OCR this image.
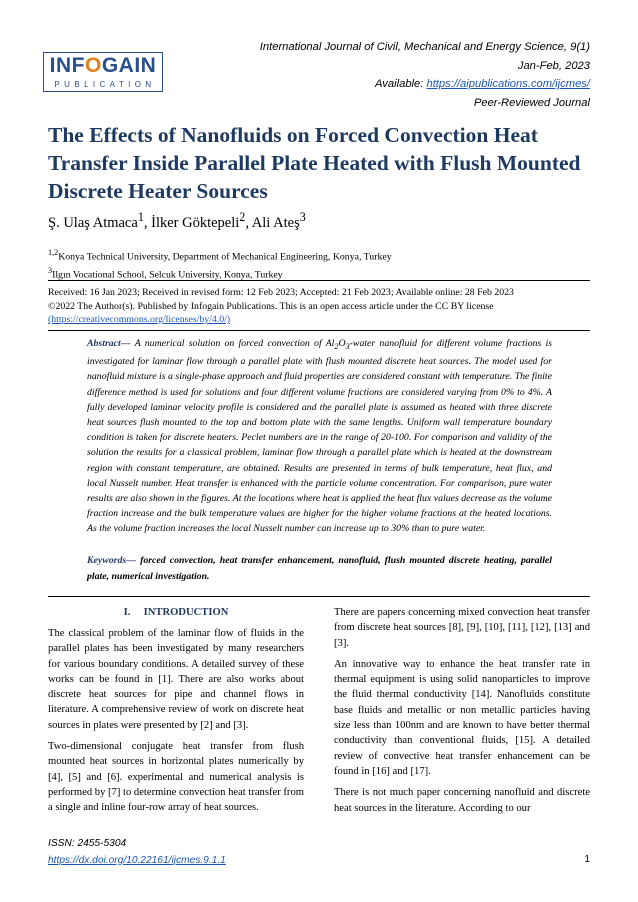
INFOGAIN
PUBLICATION
International Journal of Civil, Mechanical and Energy Science, 9(1)
Jan-Feb, 2023
Available: https://aipublications.com/ijcmes/
Peer-Reviewed Journal
The Effects of Nanofluids on Forced Convection Heat Transfer Inside Parallel Plate Heated with Flush Mounted Discrete Heater Sources
Ş. Ulaş Atmaca$^1$, İlker Göktepeli$^2$, Ali Ateş$^3$
$^{1,2}$Konya Technical University, Department of Mechanical Engineering, Konya, Turkey
$^3$Ilgın Vocational School, Selcuk University, Konya, Turkey
Received: 16 Jan 2023; Received in revised form: 12 Feb 2023; Accepted: 21 Feb 2023; Available online: 28 Feb 2023
©2022 The Author(s). Published by Infogain Publications. This is an open access article under the CC BY license
(https://creativecommons.org/licenses/by/4.0/)
Abstract— A numerical solution on forced convection of $Al_2O_3$-water nanofluid for different volume fractions is investigated for laminar flow through a parallel plate with flush mounted discrete heat sources. The model used for nanofluid mixture is a single-phase approach and fluid properties are considered constant with temperature. The finite difference method is used for solutions and four different volume fractions are considered varying from 0% to 4%. A fully developed laminar velocity profile is considered and the parallel plate is assumed as heated with three discrete heat sources flush mounted to the top and bottom plate with the same lengths. Uniform wall temperature boundary condition is taken for discrete heaters. Peclet numbers are in the range of 20-100. For comparison and validity of the solution the results for a classical problem, laminar flow through a parallel plate which is heated at the downstream region with constant temperature, are obtained. Results are presented in terms of bulk temperature, heat flux, and local Nusselt number. Heat transfer is enhanced with the particle volume concentration. For comparison, pure water results are also shown in the figures. At the locations where heat is applied the heat flux values decrease as the volume fraction increase and the bulk temperature values are higher for the higher volume fractions at the heated locations. As the volume fraction increases the local Nusselt number can increase up to 30% than to pure water.
Keywords— forced convection, heat transfer enhancement, nanofluid, flush mounted discrete heating, parallel plate, numerical investigation.
I.     INTRODUCTION

The classical problem of the laminar flow of fluids in the parallel plates has been investigated by many researchers for various boundary conditions. A detailed survey of these works can be found in [1]. There are also works about discrete heat sources for pipe and channel flows in literature. A comprehensive review of work on discrete heat sources in plates were presented by [2] and [3].

Two-dimensional conjugate heat transfer from flush mounted heat sources in horizontal plates numerically by [4], [5] and [6]. experimental and numerical analysis is performed by [7] to determine convection heat transfer from a single and inline four-row array of heat sources.

There are papers concerning mixed convection heat transfer from discrete heat sources [8], [9], [10], [11], [12], [13] and [3].

An innovative way to enhance the heat transfer rate in thermal equipment is using solid nanoparticles to improve the fluid thermal conductivity [14]. Nanofluids constitute base fluids and metallic or non metallic particles having size less than 100nm and are known to have better thermal conductivity than conventional fluids, [15]. A detailed review of convective heat transfer enhancement can be found in [16] and [17].

There is not much paper concerning nanofluid and discrete heat sources in the literature. According to our

ISSN: 2455-5304
https://dx.doi.org/10.22161/ijcmes.9.1.1	1
